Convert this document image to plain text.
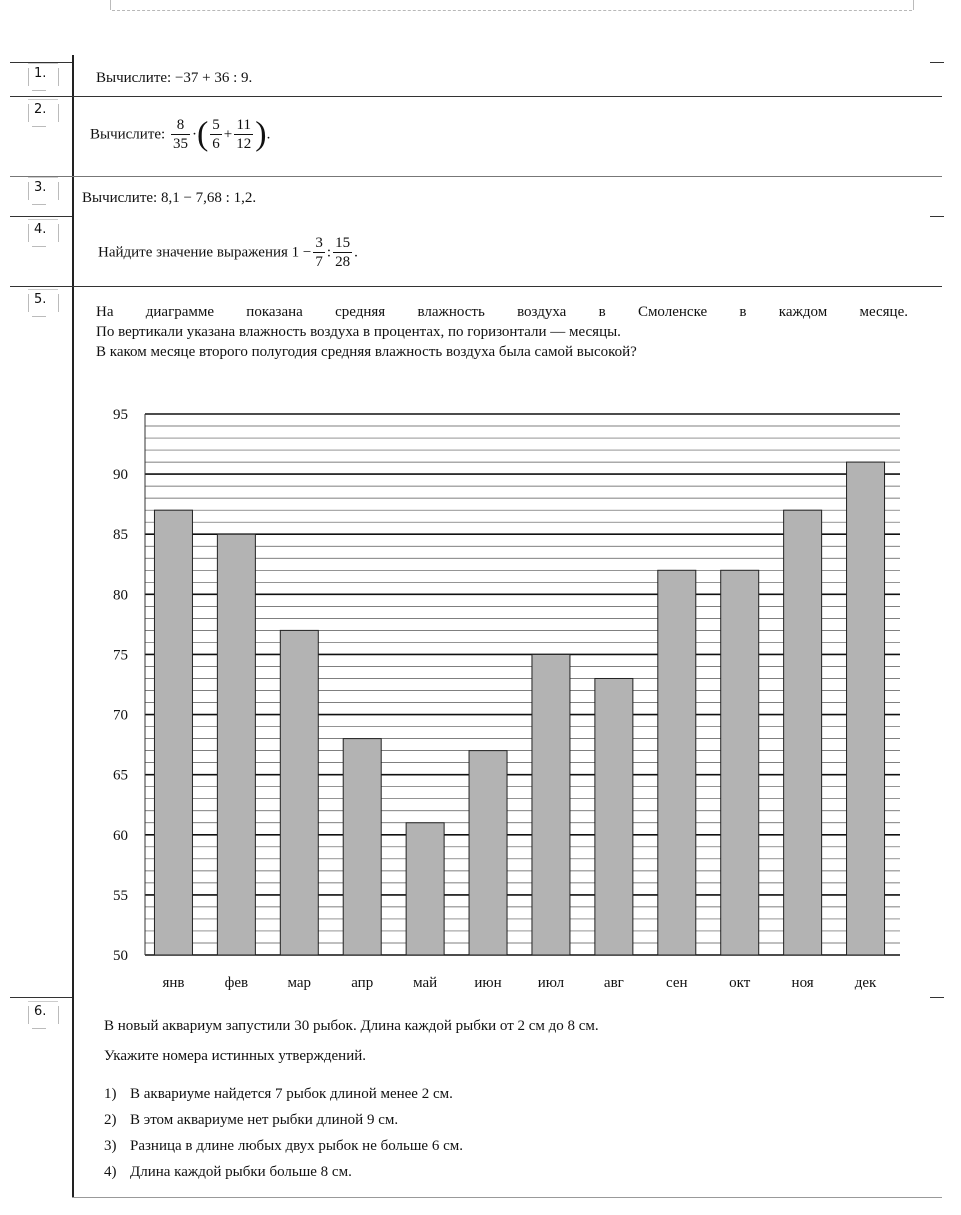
1.	Вычислите: −37 + 36 : 9.
2.
Вычислите: $\frac{8}{35}$ ·( $\frac{5}{6} + \frac{11}{12}$ ).
3.
Вычислите: 8,1 − 7,68 : 1,2.
4.
Найдите значение выражения $1 - \frac{3}{7}$ : $\frac{15}{28}$ .
5.

На диаграмме показана средняя влажность воздуха в Смоленске в каждом месяце.

По вертикали указана влажность воздуха в процентах, по горизонтали — месяцы.

В каком месяце второго полугодия средняя влажность воздуха была самой высокой?

50
55
60
65
70
75
80
85
90
95
янв	фев	мар	апр	май июн июл	авг	сен	окт	ноя	дек
6.

В новый аквариум запустили 30 рыбок. Длина каждой рыбки от 2 см до 8 см.

Укажите номера истинных утверждений.

1) В аквариуме найдется 7 рыбок длиной менее 2 см.
2) В этом аквариуме нет рыбки длиной 9 см.
3) Разница в длине любых двух рыбок не больше 6 см.
4) Длина каждой рыбки больше 8 см.
